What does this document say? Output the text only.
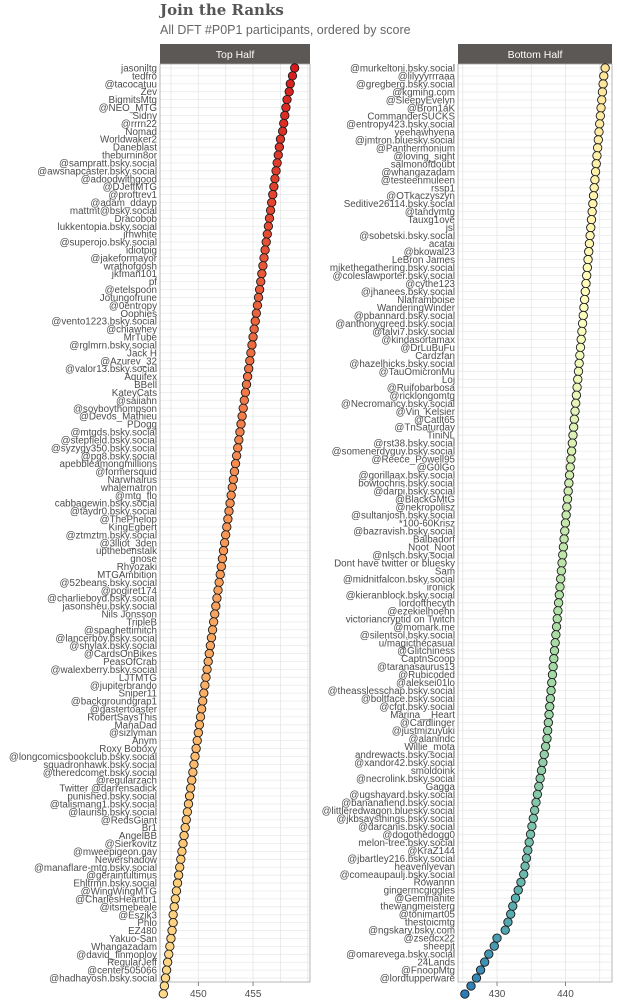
Join the Ranks
All DFT #P0P1 participants, ordered by score
Top Half
450	455
jasoniltg
tedfro
@tacocatuu
Zev
BigmitsMtg
@NEO_MTG
Sidny
@rrrn22
Nomad
Worldwaker2
Daneblast
theburnin8or
@sampratt.bsky.social
@awsnapcaster.bsky.social
@adoodwithgood
@DJeffMTG
@proftrev1
@adam_ddayp
mattmt@bsky.social
Dracobob
lukkentopia.bsky.social
jrhwhite
@superojo.bsky.social
idiotpig
@jakeformayor
wrathofgosh
jkfman101
pf
@etelspoon
Jotungofrune
@0entropy
Oophies
@vento1223.bsky.social
@chiawhey
MrTube
@rglmrn.bsky.social
Jack H
@Azurev_32
@valor13.bsky.social
Aquifex
BBell
KateyCats
@saiiahn
@soyboythompson
@Devos_Mathieu
PDogg
@mtgds.bsky.social
@stepfield.bsky.social
@syzygy350.bsky.social
@pg8.bsky.social
apebbleamongmillions
@formersquid
Narwhalrus
whalematron
@mtg_flo
cabbagewin.bsky.social
@taydr0.bsky.social
@ThePhelop
KingEgbert
@ztmztm.bsky.social
@3lliot_3den
upthebenstalk
gnose
Rhyozaki
MTGAmbition
@52beans.bsky.social
@pogiret174
@charlieboyd.bsky.social
jasonsheu.bsky.social
Nils Jonsson
TripleB
@spaghettimitch
@lancerboy.bsky.social
@shylax.bsky.social
@CardsOnBikes
PeasOfCrab
@walexberry.bsky.social
LJTMTG
@jupiterbrando
Sniper11
@backgroundgrap1
@gastertoaster
RobertSaysThis
ManaDad
@sizlyman
Anym
Roxy Boboxy
@longcomicsbookclub.bsky.social
squadronhawk.bsky.social
@theredcomet.bsky.social
@regularzach
Twitter @darrensadick
punished.bsky.social
@talismang1.bsky.social
@laurisb.bsky.social
@RedsGiant
Br1
AngelBB
@Sierkovitz
@mweepigeon.gay
Newershadow
@manaflare-mtg.bsky.social
@geraintultimus
Ehltrmn.bsky.social
@WingWingMTG
@CharlesHeartbr1
@itsmebeale
@Eszik3
Phlo
EZ480
Yakuo-San
Whangazadam
@david_finmoploy
RegularJeff
@center505066
@hadhayosh.bsky.social
Bottom Half
430	440
@murkeltoni.bsky.social
@lilyyyrrraaa
@gregberg.bsky.social
@kgming.com
@SleepyEvelyn
@Bron1aK
CommanderSUCKS
@entropy423.bsky.social
yeehawhyena
@jmtron.bluesky.social
@Panthermonium
@loving_sight
salmonofdoubt
@whangazadam
@testeenmuleen
rssp1
@OTkaczyszyn
Seditive26114.bsky.social
@tandymtg
Tauxg1ove
jsl
@sobetski.bsky.social
acatai
@bkowal23
LeBron James
mikethegathering.bsky.social
@coleslawporter.bsky.social
@cythe123
@jhanees.bsky.social
Nlaframboise
WanderingWinder
@pbannard.bsky.social
@anthonygreed.bsky.social
@talvi7.bsky.social
@kindasortamax
@DrLuBuFu
Cardzfan
@hazelhicks.bsky.social
@TauOmicronMu
Loj
@Ruifobarbosa
@ricklongomtg
@Necromancy.bsky.social
@Vin_Kelsier
@Catlt65
@TnSaturday
TiniNL
@rst38.bsky.social
@somenerdyguy.bsky.social
@Reece_Powell95
@G0lGo
@gorillaax.bsky.social
bowtochris.bsky.social
@darpi.bsky.social
@BlackGMtG
@nekropolisz
@sultanjosh.bsky.social
*100-60Krisz
@bazravish.bsky.social
Balbadorf
Noot_Noot
@nlsch.bsky.social
Dont have twitter or bluesky
Sam
@midnitfalcon.bsky.social
ironick
@kieranblock.bsky.social
lordofthecyth
@ezekielhoehn
victoriancryptid on Twitch
@momark.me
@silentsol.bsky.social
u/magicthecasual
@Glitchiness
CaptnScoop
@taranasaurus13
@Rubicoded
@aleksei01lo
@theasslesschap.bsky.social
@boltface.bsky.social
@cfgt.bsky.social
Marina__Heart
@Cardlinger
@justmizuyuki
@alanindc
Willie_mota
andrewacts.bsky.social
@xandor42.bsky.social
smoldoink
@necrolink.bsky.social
Gagga
@ugshavard.bsky.social
@bananafiend.bsky.social
@littleredwagon.bluesky.social
@jkbsaysthings.bsky.social
@darcanis.bsky.social
@dogothedogg0
melon-tree.bsky.social
@KraZ144
@jbartley216.bsky.social
heavenlyevan
@comeaupaulj.bsky.social
Rowannn
gingermcgiggles
@Gemmanite
thewangmeisterg
@tonimart05
thestoicmtg
@ngskary.bsky.com
@zsedcx22
sheepjt
@omarevega.bsky.social
24Lands
@FnoopMtg
@lordtupperware
